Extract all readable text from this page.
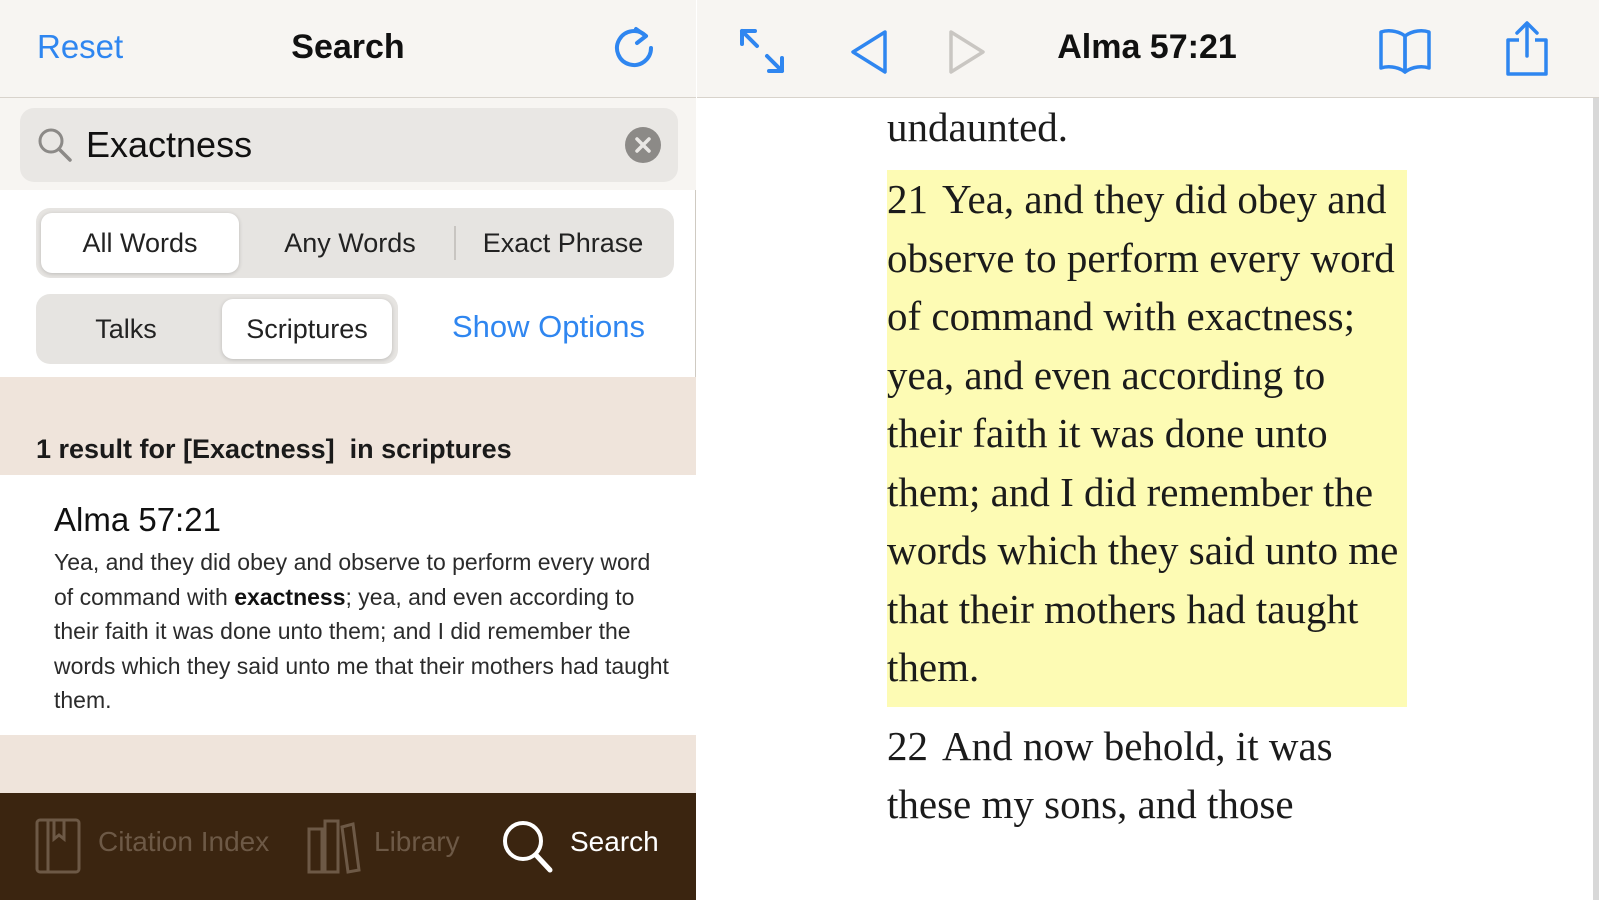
Reset	Search
Exactness
All Words	Any Words	Exact Phrase
Talks	Scriptures	Show Options
1 result for [Exactness]  in scriptures
Alma 57:21
Yea, and they did obey and observe to perform every word of command with exactness; yea, and even according to their faith it was done unto them; and I did remember the words which they said unto me that their mothers had taught them.
Citation Index	Library	Search
Alma 57:21
undaunted.
21 Yea, and they did obey and observe to perform every word of command with exactness; yea, and even according to their faith it was done unto them; and I did remember the words which they said unto me that their mothers had taught them.
22 And now behold, it was these my sons, and those
